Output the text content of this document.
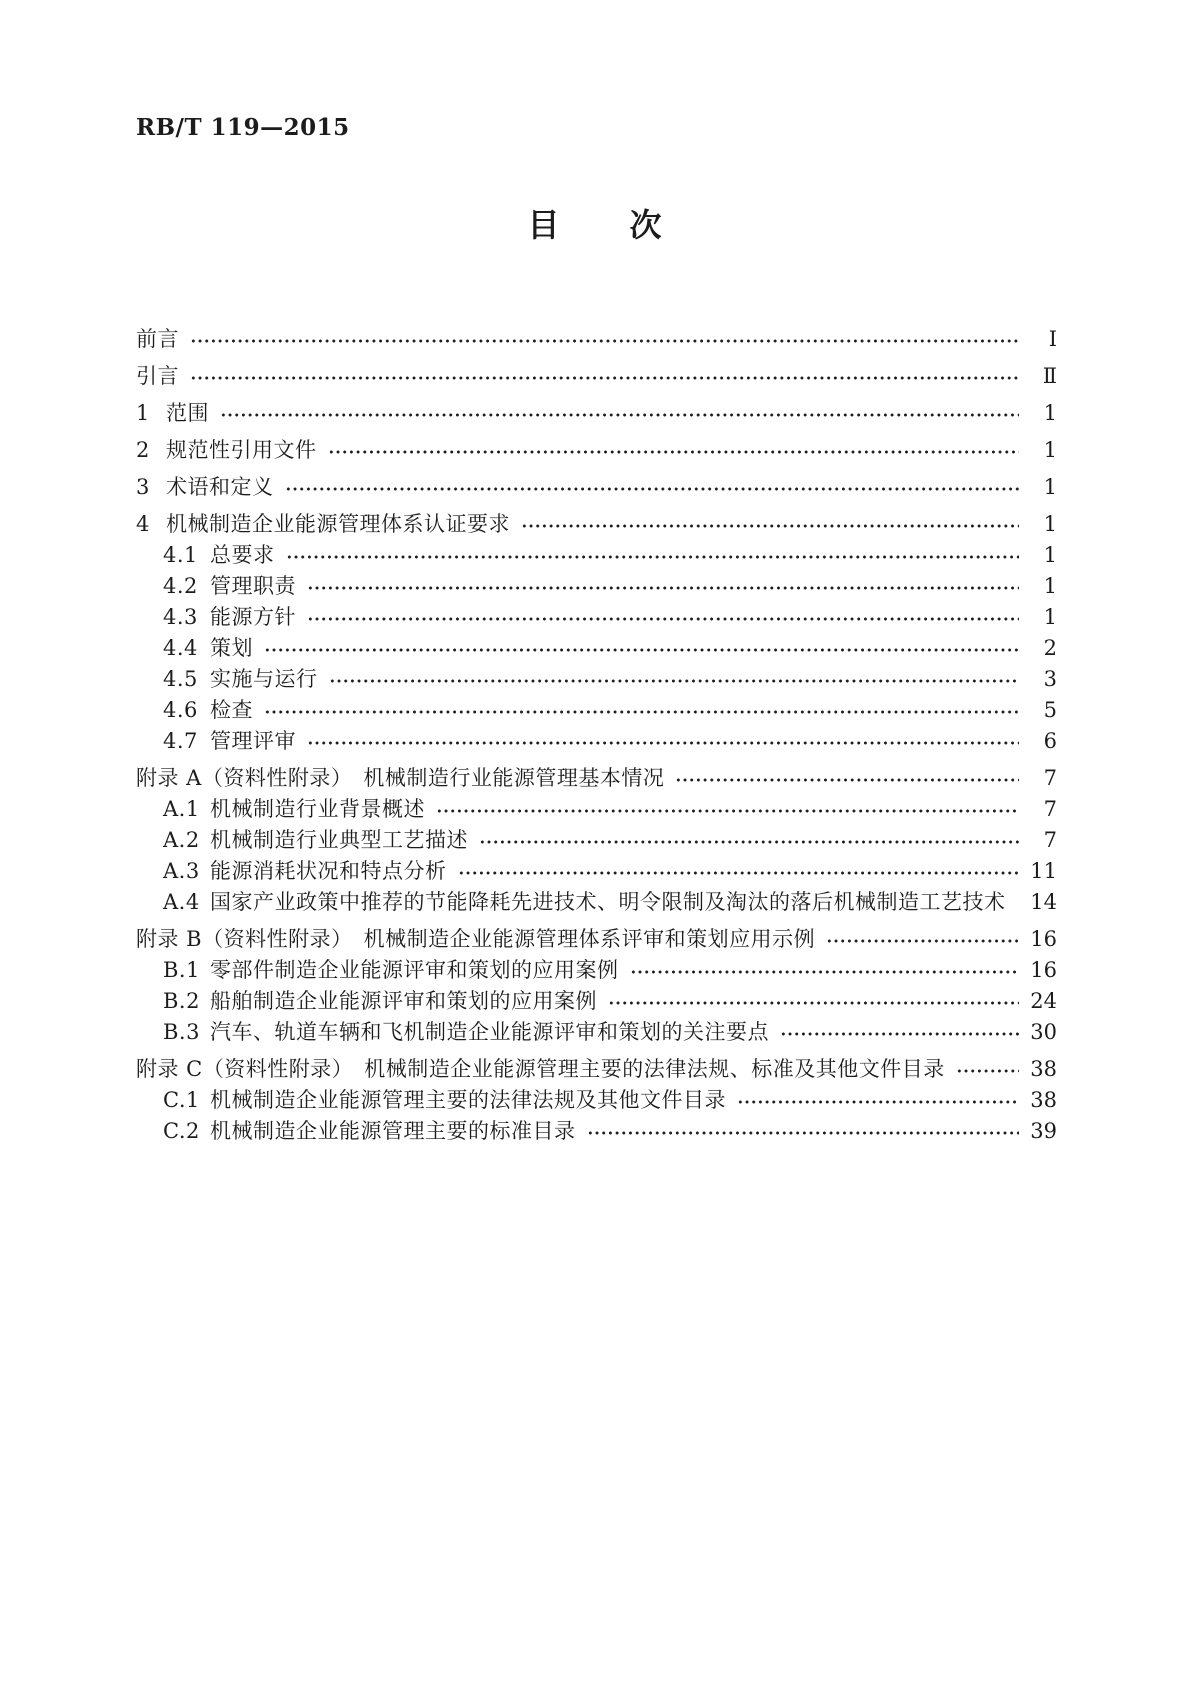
RB/T 119—2015
目　　次
前言	Ⅰ
引言	Ⅱ
1 范围	1
2 规范性引用文件	1
3 术语和定义	1
4 机械制造企业能源管理体系认证要求	1
4.1 总要求	1
4.2 管理职责	1
4.3 能源方针	1
4.4 策划	2
4.5 实施与运行	3
4.6 检查	5
4.7 管理评审	6
附录 A（资料性附录）　机械制造行业能源管理基本情况	7
A.1 机械制造行业背景概述	7
A.2 机械制造行业典型工艺描述	7
A.3 能源消耗状况和特点分析	11
A.4 国家产业政策中推荐的节能降耗先进技术、明令限制及淘汰的落后机械制造工艺技术 14
附录 B（资料性附录）　机械制造企业能源管理体系评审和策划应用示例	16
B.1 零部件制造企业能源评审和策划的应用案例	16
B.2 船舶制造企业能源评审和策划的应用案例	24
B.3 汽车、轨道车辆和飞机制造企业能源评审和策划的关注要点	30
附录 C（资料性附录）　机械制造企业能源管理主要的法律法规、标准及其他文件目录	38
C.1 机械制造企业能源管理主要的法律法规及其他文件目录	38
C.2 机械制造企业能源管理主要的标准目录	39
